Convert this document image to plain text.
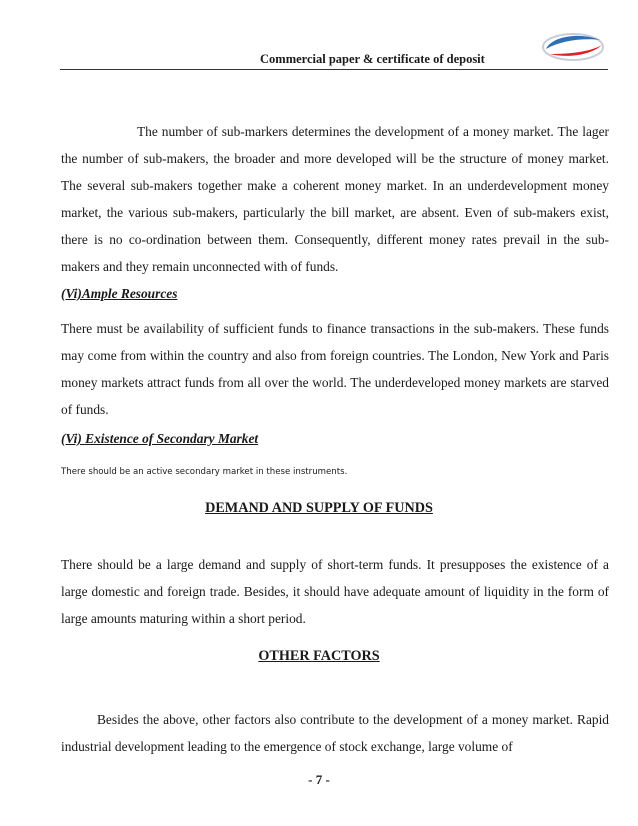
Commercial paper & certificate of deposit

The number of sub-markers determines the development of a money market. The lager the number of sub-makers, the broader and more developed will be the structure of money market. The several sub-makers together make a coherent money market. In an underdevelopment money market, the various sub-makers, particularly the bill market, are absent. Even of sub-makers exist, there is no co-ordination between them. Consequently, different money rates prevail in the sub-makers and they remain unconnected with of funds.

(Vi)Ample Resources

There must be availability of sufficient funds to finance transactions in the sub-makers. These funds may come from within the country and also from foreign countries. The London, New York and Paris money markets attract funds from all over the world. The underdeveloped money markets are starved of funds.

(Vi) Existence of Secondary Market

There should be an active secondary market in these instruments.

DEMAND AND SUPPLY OF FUNDS

There should be a large demand and supply of short-term funds. It presupposes the existence of a large domestic and foreign trade. Besides, it should have adequate amount of liquidity in the form of large amounts maturing within a short period.

OTHER FACTORS

Besides the above, other factors also contribute to the development of a money market. Rapid industrial development leading to the emergence of stock exchange, large volume of

- 7 -
